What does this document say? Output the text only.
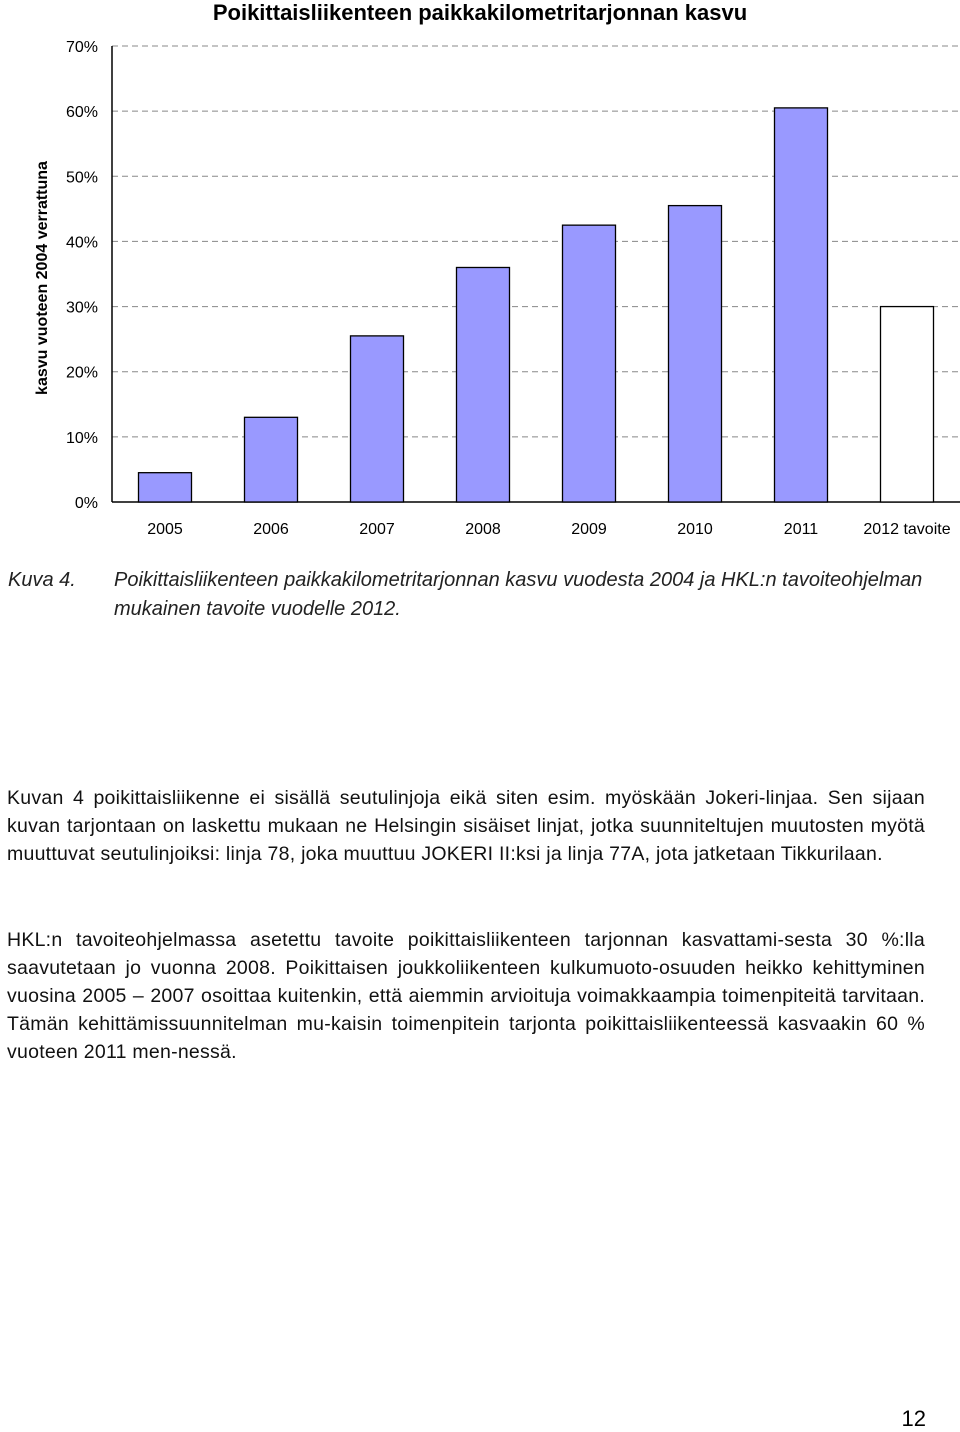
Poikittaisliikenteen paikkakilometritarjonnan kasvu
0%
10%
20%
30%
40%
50%
60%
70%
2005	2006	2007	2008	2009	2010	2011	2012 tavoite
kasvu vuoteen 2004 verrattuna
Kuva 4. Poikittaisliikenteen paikkakilometritarjonnan kasvu vuodesta 2004 ja HKL:n tavoiteohjelman mukainen tavoite vuodelle 2012.

Kuvan 4 poikittaisliikenne ei sisällä seutulinjoja eikä siten esim. myöskään Jokeri-linjaa. Sen sijaan kuvan tarjontaan on laskettu mukaan ne Helsingin sisäiset linjat, jotka suunniteltujen muutosten myötä muuttuvat seutulinjoiksi: linja 78, joka muuttuu JOKERI II:ksi ja linja 77A, jota jatketaan Tikkurilaan.

HKL:n tavoiteohjelmassa asetettu tavoite poikittaisliikenteen tarjonnan kasvattami-sesta 30 %:lla saavutetaan jo vuonna 2008. Poikittaisen joukkoliikenteen kulkumuoto-osuuden heikko kehittyminen vuosina 2005 – 2007 osoittaa kuitenkin, että aiemmin arvioituja voimakkaampia toimenpiteitä tarvitaan. Tämän kehittämissuunnitelman mu-kaisin toimenpitein tarjonta poikittaisliikenteessä kasvaakin 60 % vuoteen 2011 men-nessä.

12
